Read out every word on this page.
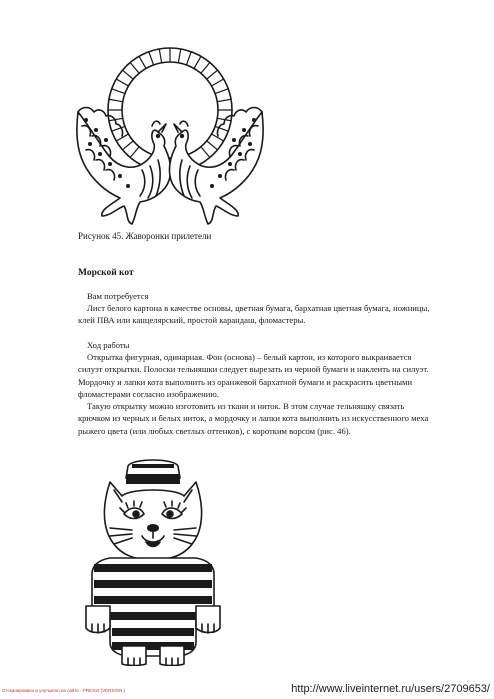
Рисунок 45. Жаворонки прилетели
Морской кот

Вам потребуется

Лист белого картона в качестве основы, цветная бумага, бархатная цветная бумага, ножницы, клей ПВА или канцелярский, простой карандаш, фломастеры.

Ход работы

Открытка фигурная, одинарная. Фон (основа) – белый картон, из которого выкраивается силуэт открытки. Полоски тельняшки следует вырезать из черной бумаги и наклеить на силуэт. Мордочку и лапки кота выполнить из оранжевой бархатной бумаги и раскрасить цветными фломастерами согласно изображению.

Такую открытку можно изготовить из ткани и ниток. В этом случае тельняшку связать крючком из черных и белых ниток, а мордочку и лапки кота выполнить из искусственного меха рыжего цвета (или любых светлых оттенков), с коротким ворсом (рис. 46).

Отсканировано и улучшено на сайте · PRESS! (VERSION )	http://www.liveinternet.ru/users/2709653/
